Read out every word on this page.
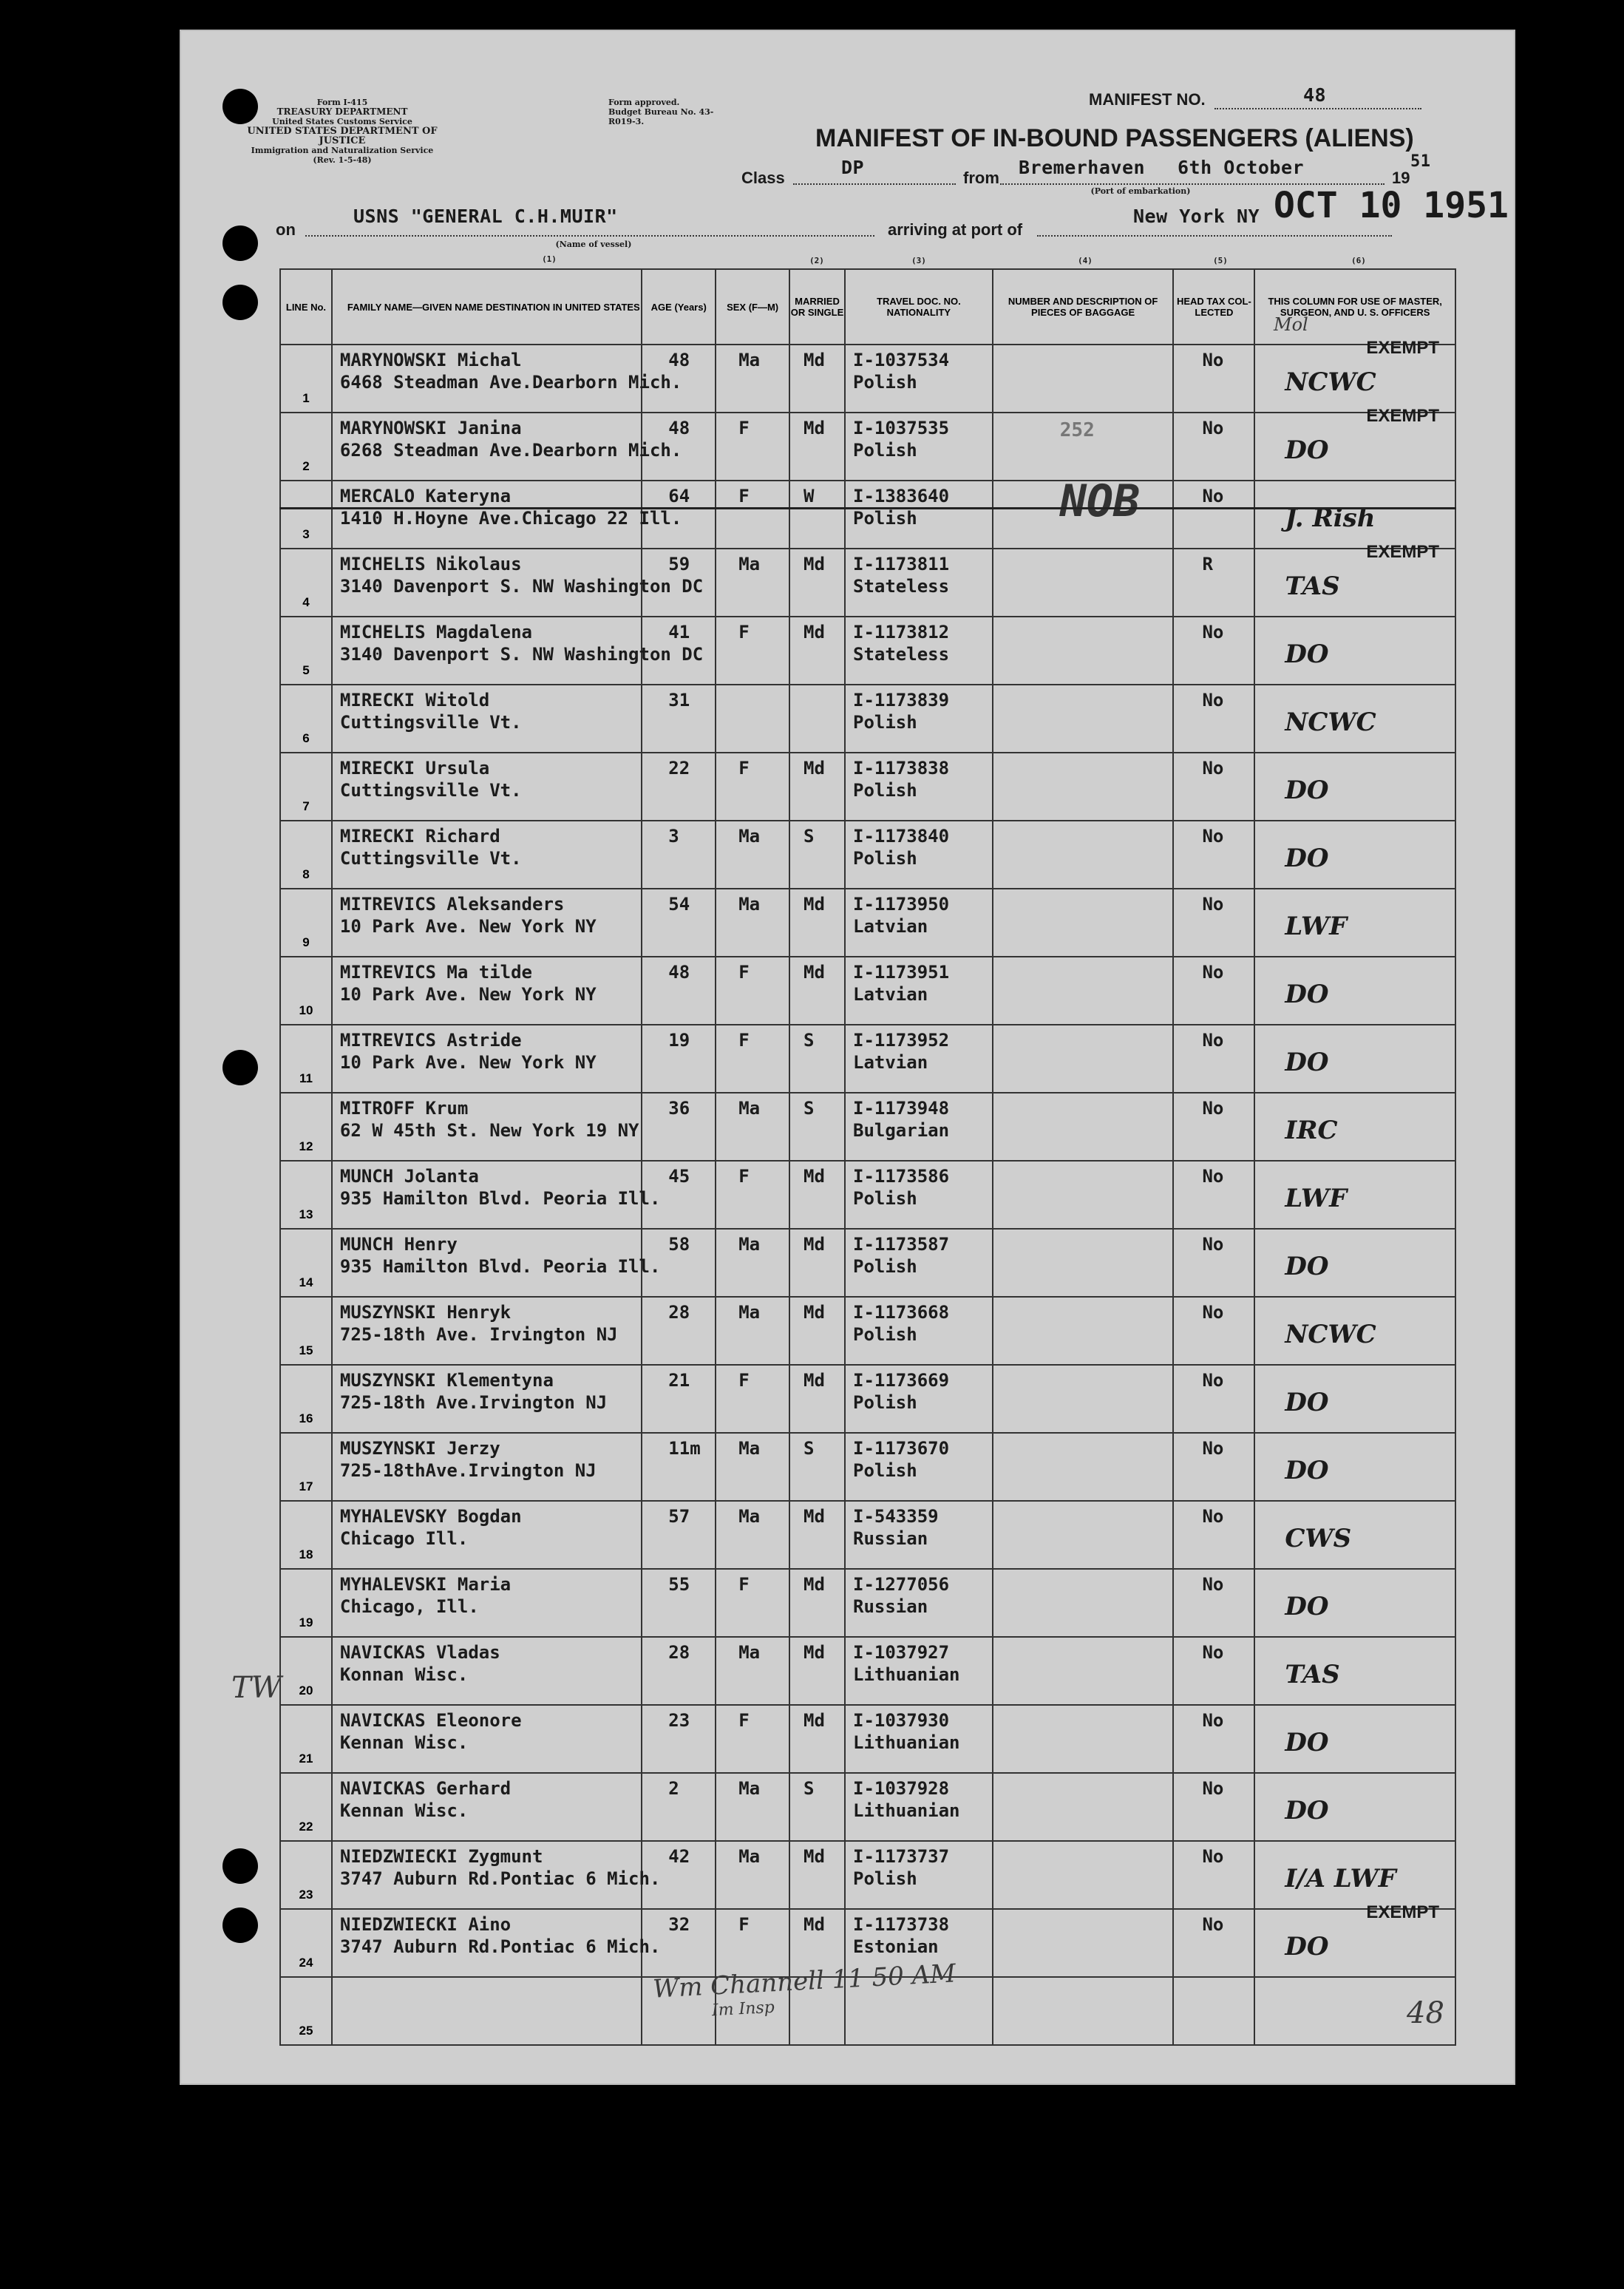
Form I-415
TREASURY DEPARTMENT
United States Customs Service
UNITED STATES DEPARTMENT OF JUSTICE
Immigration and Naturalization Service
(Rev. 1-5-48)
Form approved.
Budget Bureau No. 43-R019-3.
MANIFEST NO.	48
MANIFEST OF IN-BOUND PASSENGERS (ALIENS)
Class	DP	from Bremerhaven 6th October	19
51
(Port of embarkation)
on
USNS "GENERAL C.H.MUIR"
(Name of vessel)
(1)
arriving at port of
New York NY OCT 10 1951
LINE No.	FAMILY NAME—GIVEN NAME DESTINATION IN UNITED STATES	AGE (Years)	SEX (F—M)	MARRIED OR SINGLE	TRAVEL DOC. NO. NATIONALITY	NUMBER AND DESCRIPTION OF PIECES OF BAGGAGE	HEAD TAX COL-LECTED	THIS COLUMN FOR USE OF MASTER, SURGEON, AND U. S. OFFICERS

1	MARYNOWSKI Michal
6468 Steadman Ave.Dearborn Mich.	48	Ma	Md	I-1037534
Polish		No	NCWC
EXEMPT

2	MARYNOWSKI Janina
6268 Steadman Ave.Dearborn Mich.	48	F	Md	I-1037535
Polish	252	No	DO
EXEMPT

3	MERCALO Kateryna
1410 H.Hoyne Ave.Chicago 22 Ill.	64	F	W	I-1383640
Polish	NOB	No	J. Rish

4	MICHELIS Nikolaus
3140 Davenport S. NW Washington DC	59	Ma	Md	I-1173811
Stateless		R	TAS
EXEMPT

5	MICHELIS Magdalena
3140 Davenport S. NW Washington DC	41	F	Md	I-1173812
Stateless		No	DO

6	MIRECKI Witold
Cuttingsville Vt.	31			I-1173839
Polish		No	NCWC

7	MIRECKI Ursula
Cuttingsville Vt.	22	F	Md	I-1173838
Polish		No	DO

8	MIRECKI Richard
Cuttingsville Vt.	3	Ma	S	I-1173840
Polish		No	DO

9	MITREVICS Aleksanders
10 Park Ave. New York NY	54	Ma	Md	I-1173950
Latvian		No	LWF

10	MITREVICS Ma tilde
10 Park Ave. New York NY	48	F	Md	I-1173951
Latvian		No	DO

11	MITREVICS Astride
10 Park Ave. New York NY	19	F	S	I-1173952
Latvian		No	DO

12	MITROFF Krum
62 W 45th St. New York 19 NY	36	Ma	S	I-1173948
Bulgarian		No	IRC

13	MUNCH Jolanta
935 Hamilton Blvd. Peoria Ill.	45	F	Md	I-1173586
Polish		No	LWF

14	MUNCH Henry
935 Hamilton Blvd. Peoria Ill.	58	Ma	Md	I-1173587
Polish		No	DO

15	MUSZYNSKI Henryk
725-18th Ave. Irvington NJ	28	Ma	Md	I-1173668
Polish		No	NCWC

16	MUSZYNSKI Klementyna
725-18th Ave.Irvington NJ	21	F	Md	I-1173669
Polish		No	DO

17	MUSZYNSKI Jerzy
725-18thAve.Irvington NJ	11m	Ma	S	I-1173670
Polish		No	DO

18	MYHALEVSKY Bogdan
Chicago Ill.	57	Ma	Md	I-543359
Russian		No	CWS

19	MYHALEVSKI Maria
Chicago, Ill.	55	F	Md	I-1277056
Russian		No	DO

20	NAVICKAS Vladas
Konnan Wisc.	28	Ma	Md	I-1037927
Lithuanian		No	TAS

21	NAVICKAS Eleonore
Kennan Wisc.	23	F	Md	I-1037930
Lithuanian		No	DO

22	NAVICKAS Gerhard
Kennan Wisc.	2	Ma	S	I-1037928
Lithuanian		No	DO

23	NIEDZWIECKI Zygmunt
3747 Auburn Rd.Pontiac 6 Mich.	42	Ma	Md	I-1173737
Polish		No	I/A LWF

24	NIEDZWIECKI Aino
3747 Auburn Rd.Pontiac 6 Mich.	32	F	Md	I-1173738
Estonian		No	DO
EXEMPT

25								

(2)	(3)	(4)	(5)	(6)
Mol
Wm Channell 11 50 AM
Im Insp	48
TW
